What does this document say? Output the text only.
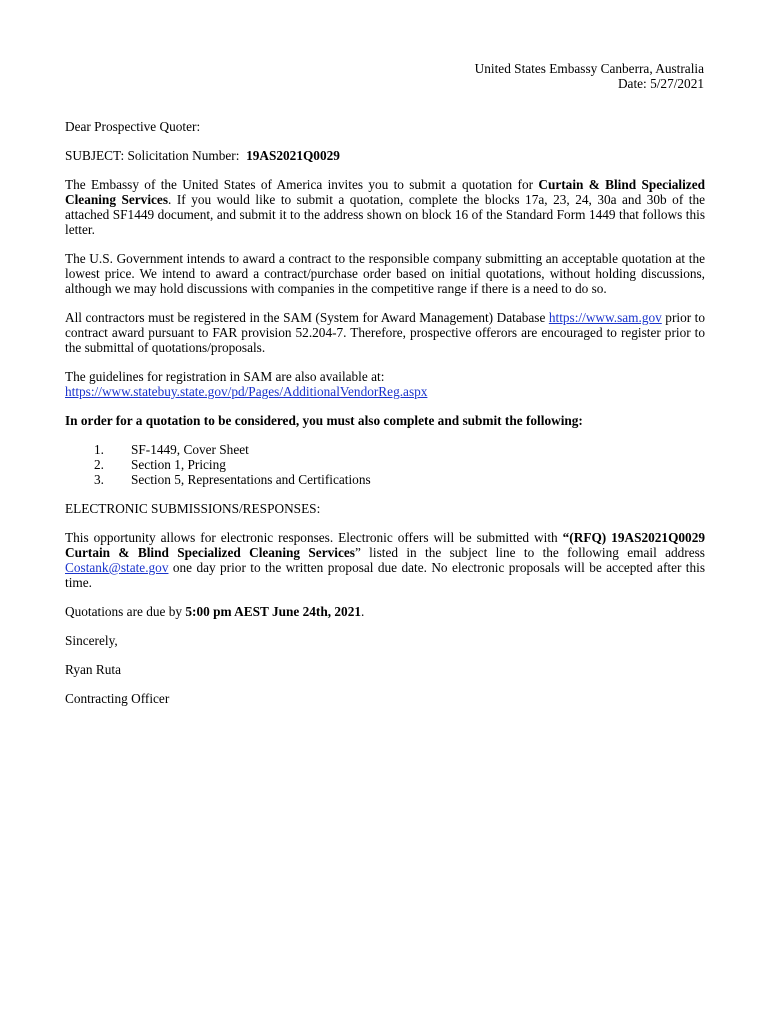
United States Embassy Canberra, Australia
Date: 5/27/2021

Dear Prospective Quoter:

SUBJECT: Solicitation Number: 19AS2021Q0029

The Embassy of the United States of America invites you to submit a quotation for Curtain & Blind Specialized Cleaning Services. If you would like to submit a quotation, complete the blocks 17a, 23, 24, 30a and 30b of the attached SF1449 document, and submit it to the address shown on block 16 of the Standard Form 1449 that follows this letter.

The U.S. Government intends to award a contract to the responsible company submitting an acceptable quotation at the lowest price. We intend to award a contract/purchase order based on initial quotations, without holding discussions, although we may hold discussions with companies in the competitive range if there is a need to do so.

All contractors must be registered in the SAM (System for Award Management) Database https://www.sam.gov prior to contract award pursuant to FAR provision 52.204-7. Therefore, prospective offerors are encouraged to register prior to the submittal of quotations/proposals.

The guidelines for registration in SAM are also available at:
https://www.statebuy.state.gov/pd/Pages/AdditionalVendorReg.aspx

In order for a quotation to be considered, you must also complete and submit the following:

1.	SF-1449, Cover Sheet
2.	Section 1, Pricing
3.	Section 5, Representations and Certifications

ELECTRONIC SUBMISSIONS/RESPONSES:

This opportunity allows for electronic responses. Electronic offers will be submitted with “(RFQ) 19AS2021Q0029 Curtain & Blind Specialized Cleaning Services” listed in the subject line to the following email address Costank@state.gov one day prior to the written proposal due date. No electronic proposals will be accepted after this time.

Quotations are due by 5:00 pm AEST June 24th, 2021.

Sincerely,

Ryan Ruta

Contracting Officer
